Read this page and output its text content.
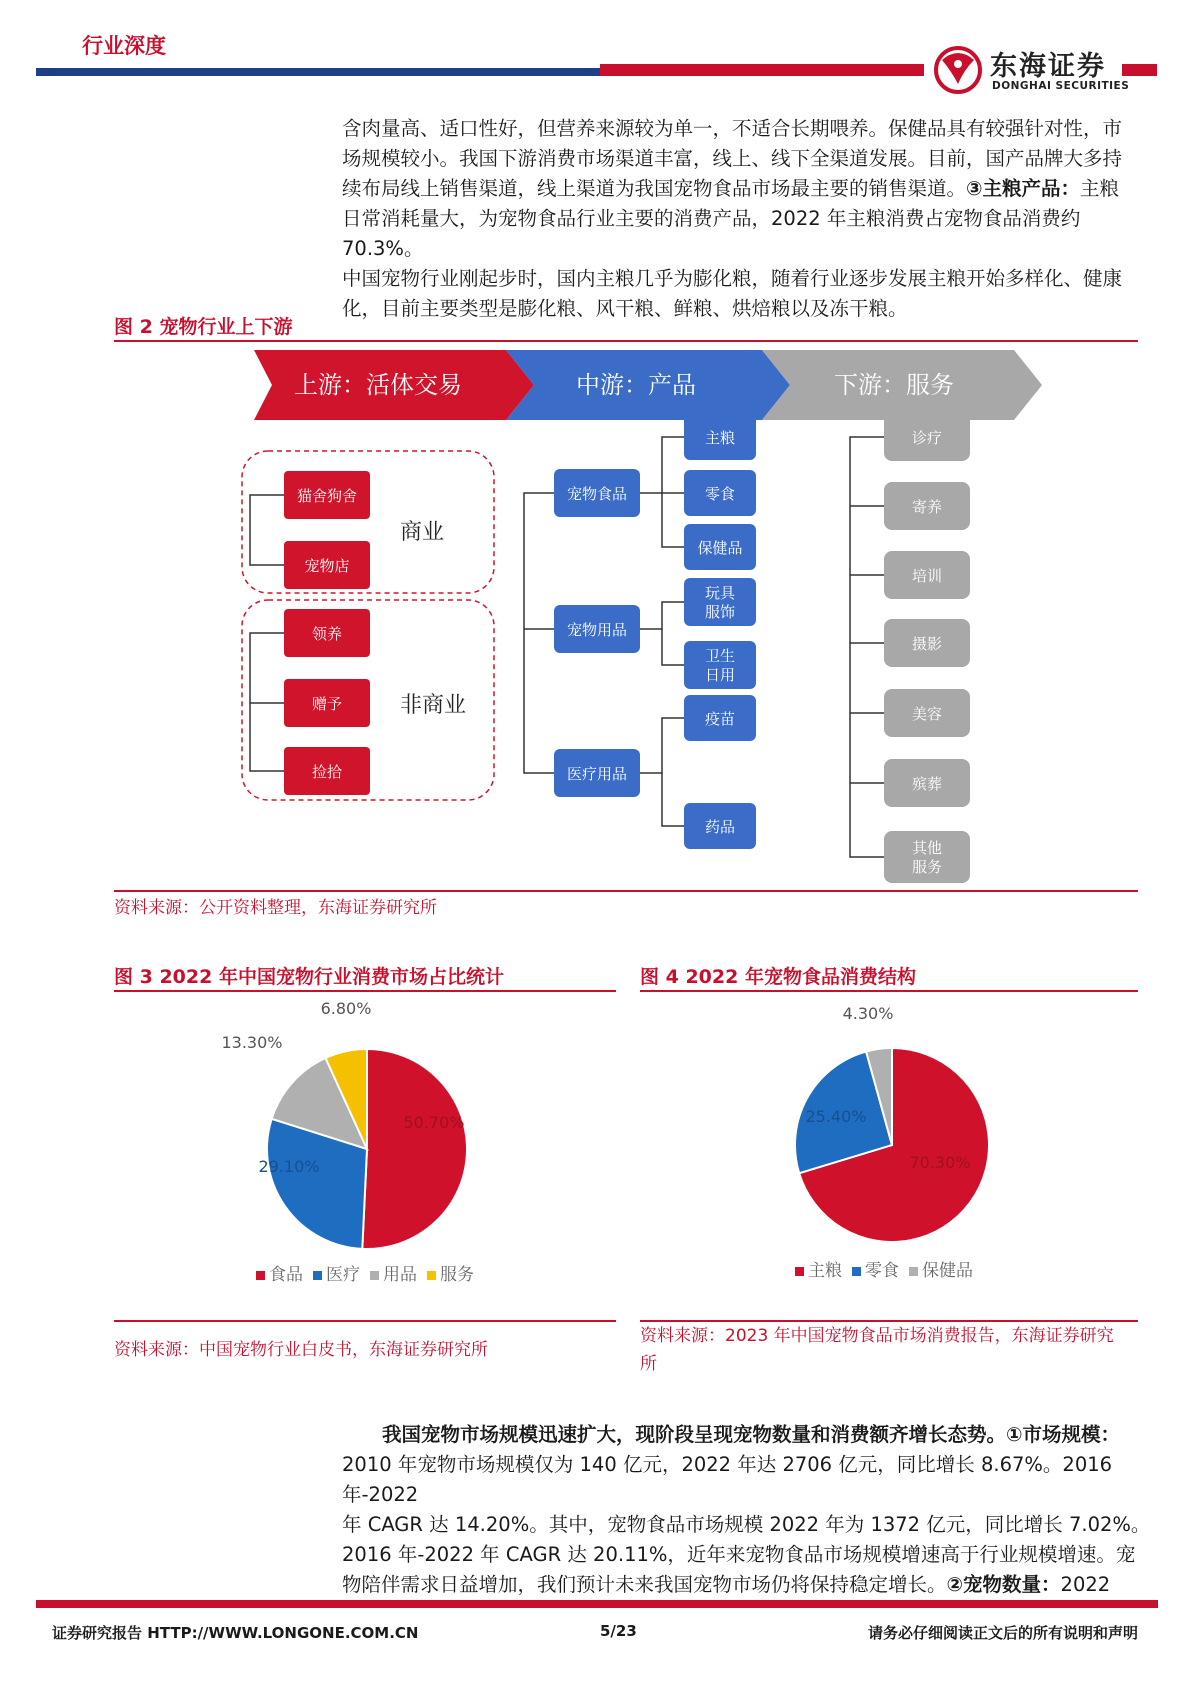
行业深度
东海证券
DONGHAI SECURITIES
含肉量高、适口性好，但营养来源较为单一，不适合长期喂养。保健品具有较强针对性，市
场规模较小。我国下游消费市场渠道丰富，线上、线下全渠道发展。目前，国产品牌大多持
续布局线上销售渠道，线上渠道为我国宠物食品市场最主要的销售渠道。③主粮产品：主粮
日常消耗量大，为宠物食品行业主要的消费产品，2022 年主粮消费占宠物食品消费约 70.3%。
中国宠物行业刚起步时，国内主粮几乎为膨化粮，随着行业逐步发展主粮开始多样化、健康
化，目前主要类型是膨化粮、风干粮、鲜粮、烘焙粮以及冻干粮。
图 2 宠物行业上下游
上游：活体交易	中游：产品	下游：服务
猫舍狗舍
宠物店
商业
领养
赠予
捡拾
非商业
宠物食品
宠物用品
医疗用品
主粮
零食
保健品
玩具
服饰
卫生
日用
疫苗
药品
诊疗
寄养
培训
摄影
美容
殡葬
其他
服务
资料来源：公开资料整理，东海证券研究所
图 3 2022 年中国宠物行业消费市场占比统计
50.70%
29.10%
13.30%
6.80%
食品 医疗 用品 服务
资料来源：中国宠物行业白皮书，东海证券研究所
图 4 2022 年宠物食品消费结构
70.30%
25.40%
4.30%
主粮 零食 保健品
资料来源：2023 年中国宠物食品市场消费报告，东海证券研究
所
我国宠物市场规模迅速扩大，现阶段呈现宠物数量和消费额齐增长态势。①市场规模：
2010 年宠物市场规模仅为 140 亿元，2022 年达 2706 亿元，同比增长 8.67%。2016 年-2022
年 CAGR 达 14.20%。其中，宠物食品市场规模 2022 年为 1372 亿元，同比增长 7.02%。
2016 年-2022 年 CAGR 达 20.11%，近年来宠物食品市场规模增速高于行业规模增速。宠
物陪伴需求日益增加，我们预计未来我国宠物市场仍将保持稳定增长。②宠物数量：2022
证券研究报告 HTTP://WWW.LONGONE.COM.CN	5/23	请务必仔细阅读正文后的所有说明和声明
